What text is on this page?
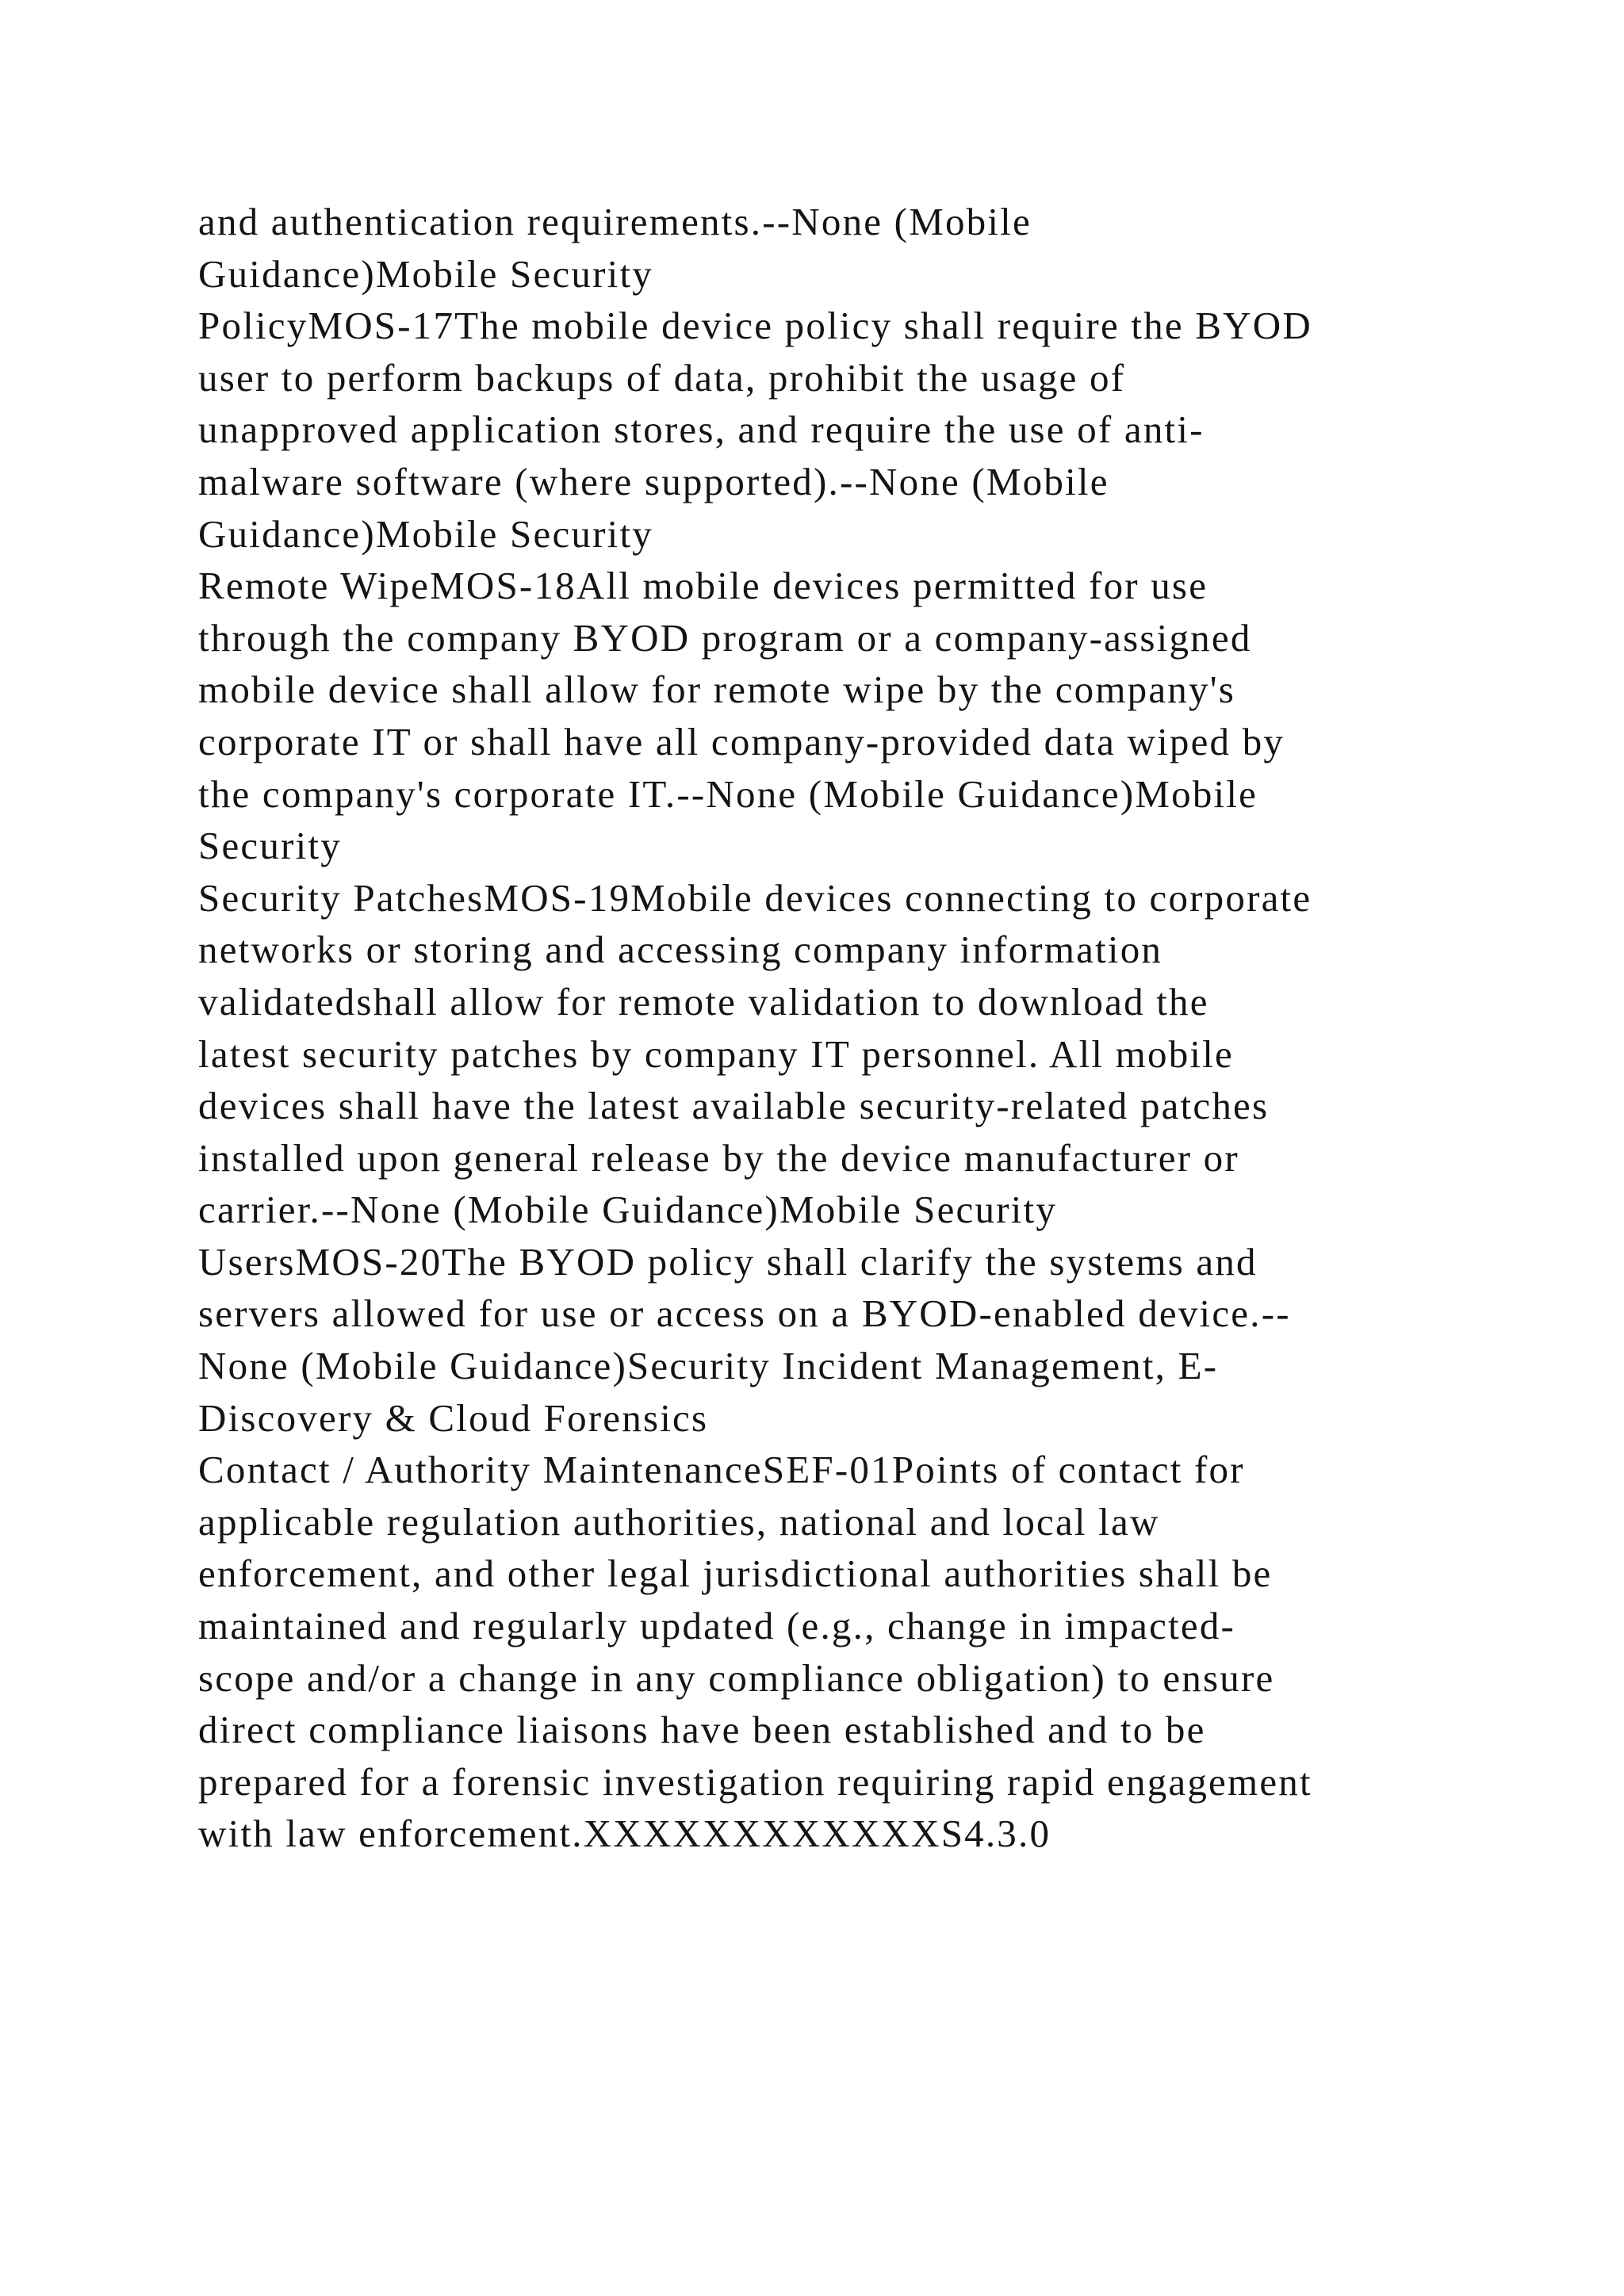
and authentication requirements.--None (Mobile
Guidance)Mobile Security
PolicyMOS-17The mobile device policy shall require the BYOD
user to perform backups of data, prohibit the usage of
unapproved application stores, and require the use of anti-
malware software (where supported).--None (Mobile
Guidance)Mobile Security
Remote WipeMOS-18All mobile devices permitted for use
through the company BYOD program or a company-assigned
mobile device shall allow for remote wipe by the company's
corporate IT or shall have all company-provided data wiped by
the company's corporate IT.--None (Mobile Guidance)Mobile
Security
Security PatchesMOS-19Mobile devices connecting to corporate
networks or storing and accessing company information
validatedshall allow for remote validation to download the
latest security patches by company IT personnel. All mobile
devices shall have the latest available security-related patches
installed upon general release by the device manufacturer or
carrier.--None (Mobile Guidance)Mobile Security
UsersMOS-20The BYOD policy shall clarify the systems and
servers allowed for use or access on a BYOD-enabled device.--
None (Mobile Guidance)Security Incident Management, E-
Discovery & Cloud Forensics
Contact / Authority MaintenanceSEF-01Points of contact for
applicable regulation authorities, national and local law
enforcement, and other legal jurisdictional authorities shall be
maintained and regularly updated (e.g., change in impacted-
scope and/or a change in any compliance obligation) to ensure
direct compliance liaisons have been established and to be
prepared for a forensic investigation requiring rapid engagement
with law enforcement.XXXXXXXXXXXXS4.3.0
